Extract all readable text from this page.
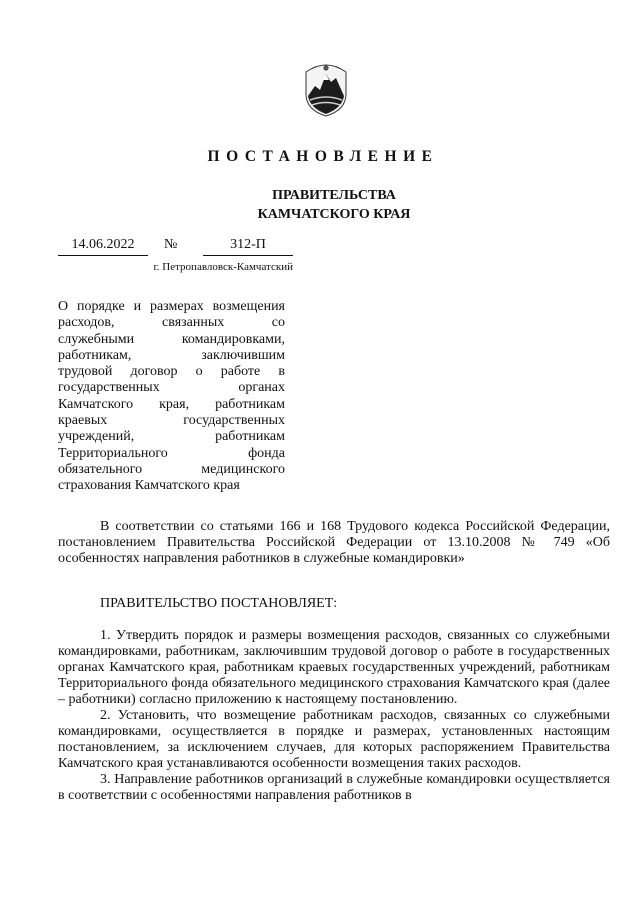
ПОСТАНОВЛЕНИЕ
ПРАВИТЕЛЬСТВА
КАМЧАТСКОГО КРАЯ
14.06.2022	№	312-П
г. Петропавловск-Камчатский
О порядке и размерах возмещения
расходов, связанных со
служебными командировками,
работникам, заключившим
трудовой договор о работе в
государственных органах
Камчатского края, работникам
краевых государственных
учреждений, работникам
Территориального фонда
обязательного медицинского
страхования Камчатского края

В соответствии со статьями 166 и 168 Трудового кодекса Российской Федерации, постановлением Правительства Российской Федерации от 13.10.2008 № 749 «Об особенностях направления работников в служебные командировки»

ПРАВИТЕЛЬСТВО ПОСТАНОВЛЯЕТ:

1. Утвердить порядок и размеры возмещения расходов, связанных со служебными командировками, работникам, заключившим трудовой договор о работе в государственных органах Камчатского края, работникам краевых государственных учреждений, работникам Территориального фонда обязательного медицинского страхования Камчатского края (далее – работники) согласно приложению к настоящему постановлению.

2. Установить, что возмещение работникам расходов, связанных со служебными командировками, осуществляется в порядке и размерах, установленных настоящим постановлением, за исключением случаев, для которых распоряжением Правительства Камчатского края устанавливаются особенности возмещения таких расходов.

3. Направление работников организаций в служебные командировки осуществляется в соответствии с особенностями направления работников в
